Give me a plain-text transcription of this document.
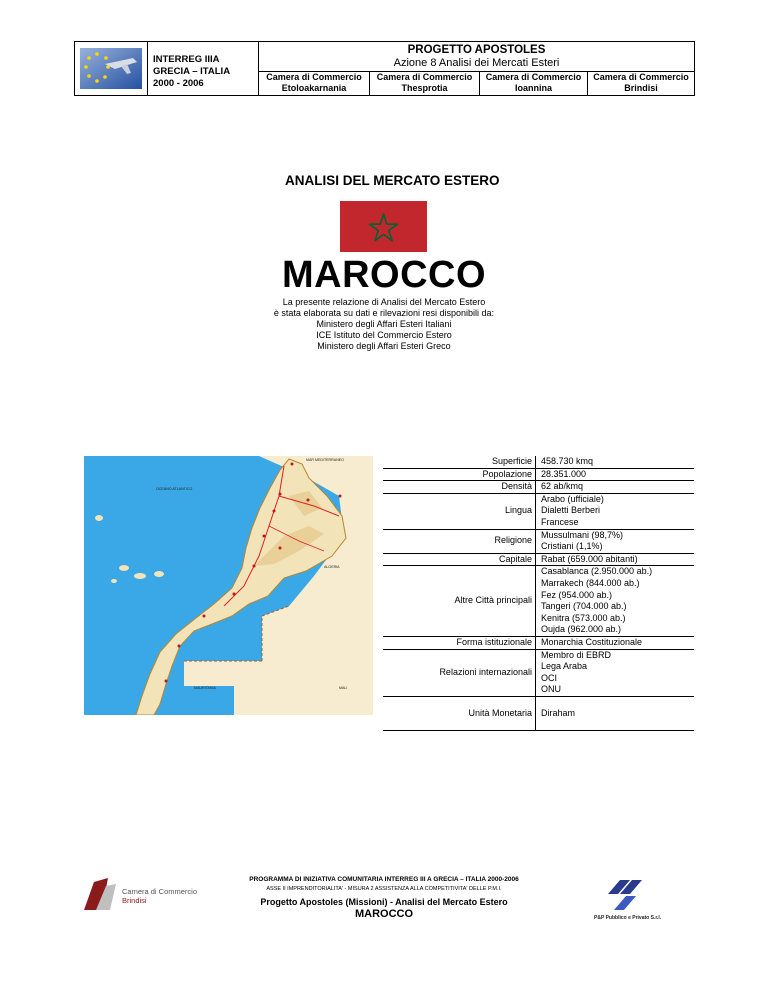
INTERREG IIIA
GRECIA – ITALIA
2000 - 2006
PROGETTO APOSTOLES
Azione 8 Analisi dei Mercati Esteri
Camera di Commercio
Etoloakarnania
Camera di Commercio
Thesprotia
Camera di Commercio
Ioannina
Camera di Commercio
Brindisi
ANALISI DEL MERCATO ESTERO
MAROCCO
La presente relazione di Analisi del Mercato Estero
è stata elaborata su dati e rilevazioni resi disponibili da:
Ministero degli Affari Esteri Italiani
ICE Istituto del Commercio Estero
Ministero degli Affari Esteri Greco
OCEANO ATLANTICO
ALGERIA
MAURITANIA	MALI
MAR MEDITERRANEO	Superficie	458.730 kmq
Popolazione	28.351.000
Densità	62 ab/kmq
Lingua	Arabo (ufficiale)
	Dialetti Berberi
	Francese
Religione	Mussulmani (98,7%)
	Cristiani (1,1%)
Capitale	Rabat (659.000 abitanti)
Altre Città principali	Casablanca (2.950.000 ab.)
	Marrakech (844.000 ab.)
	Fez (954.000 ab.)
	Tangeri (704.000 ab.)
	Kenitra (573.000 ab.)
	Oujda (962.000 ab.)
Forma istituzionale	Monarchia Costituzionale
Relazioni internazionali	Membro di EBRD
	Lega Araba
	OCI
	ONU
Unità Monetaria	Diraham
Camera di Commercio
Brindisi
PROGRAMMA DI INIZIATIVA COMUNITARIA INTERREG III A GRECIA – ITALIA 2000-2006
ASSE II IMPRENDITORIALITA' - MISURA 2 ASSISTENZA ALLA COMPETITIVITA' DELLE P.M.I.
Progetto Apostoles (Missioni) - Analisi del Mercato Estero
MAROCCO	P&P Pubblico e Privato S.r.l.
